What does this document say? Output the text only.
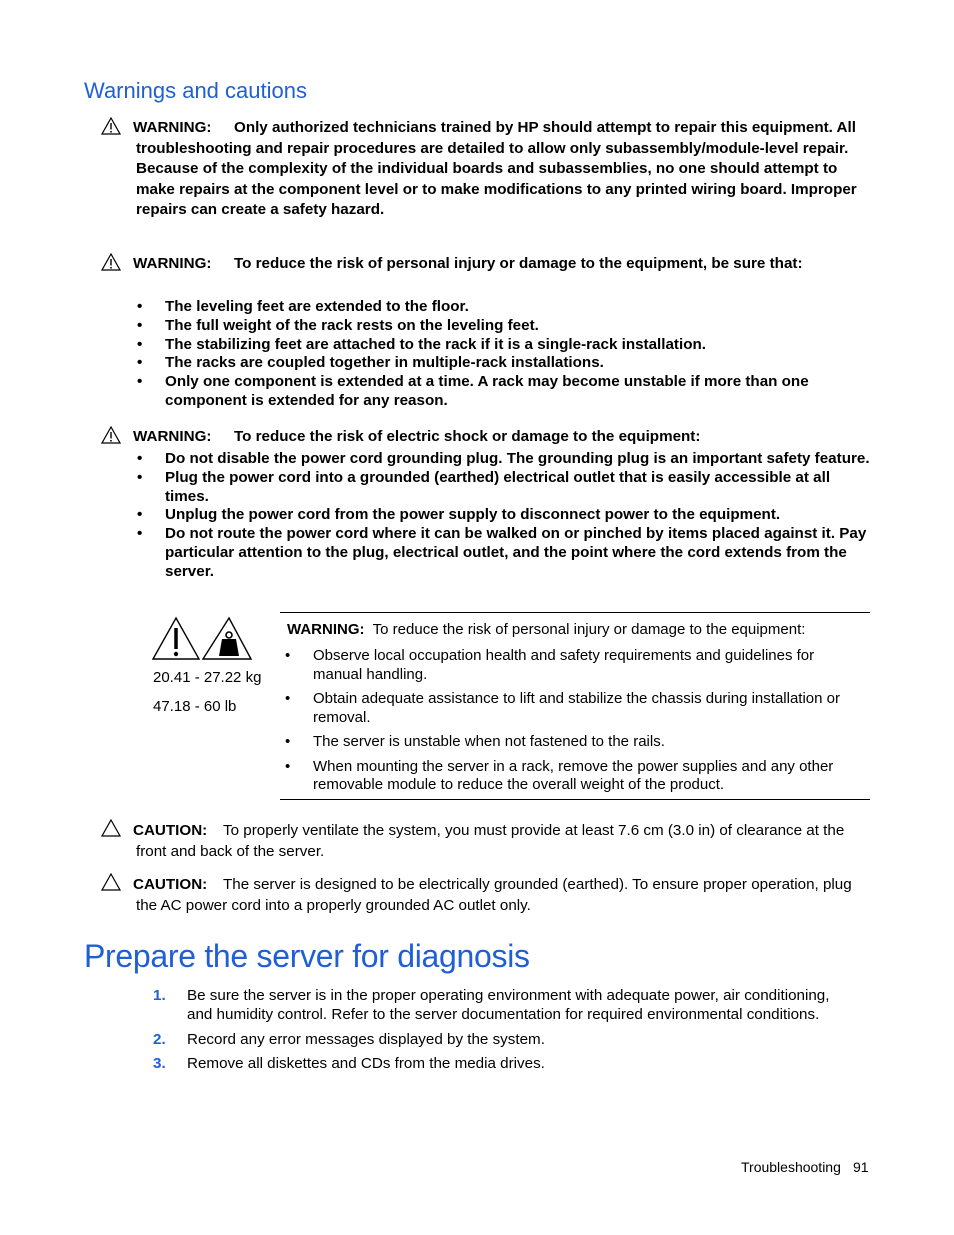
Warnings and cautions
WARNING:	Only authorized technicians trained by HP should attempt to repair this equipment. All troubleshooting and repair procedures are detailed to allow only subassembly/module-level repair. Because of the complexity of the individual boards and subassemblies, no one should attempt to make repairs at the component level or to make modifications to any printed wiring board. Improper repairs can create a safety hazard.
WARNING:	To reduce the risk of personal injury or damage to the equipment, be sure that:
• The leveling feet are extended to the floor.
• The full weight of the rack rests on the leveling feet.
• The stabilizing feet are attached to the rack if it is a single-rack installation.
• The racks are coupled together in multiple-rack installations.
• Only one component is extended at a time. A rack may become unstable if more than one component is extended for any reason.
WARNING:	To reduce the risk of electric shock or damage to the equipment:
• Do not disable the power cord grounding plug. The grounding plug is an important safety feature.
• Plug the power cord into a grounded (earthed) electrical outlet that is easily accessible at all times.
• Unplug the power cord from the power supply to disconnect power to the equipment.
• Do not route the power cord where it can be walked on or pinched by items placed against it. Pay particular attention to the plug, electrical outlet, and the point where the cord extends from the server.
20.41 - 27.22 kg
47.18 - 60 lb
WARNING: To reduce the risk of personal injury or damage to the equipment:
• Observe local occupation health and safety requirements and guidelines for manual handling.
• Obtain adequate assistance to lift and stabilize the chassis during installation or removal.
• The server is unstable when not fastened to the rails.
• When mounting the server in a rack, remove the power supplies and any other removable module to reduce the overall weight of the product.
CAUTION:	To properly ventilate the system, you must provide at least 7.6 cm (3.0 in) of clearance at the front and back of the server.
CAUTION:	The server is designed to be electrically grounded (earthed). To ensure proper operation, plug the AC power cord into a properly grounded AC outlet only.
Prepare the server for diagnosis
1. Be sure the server is in the proper operating environment with adequate power, air conditioning, and humidity control. Refer to the server documentation for required environmental conditions.
2. Record any error messages displayed by the system.
3. Remove all diskettes and CDs from the media drives.
Troubleshooting 91
